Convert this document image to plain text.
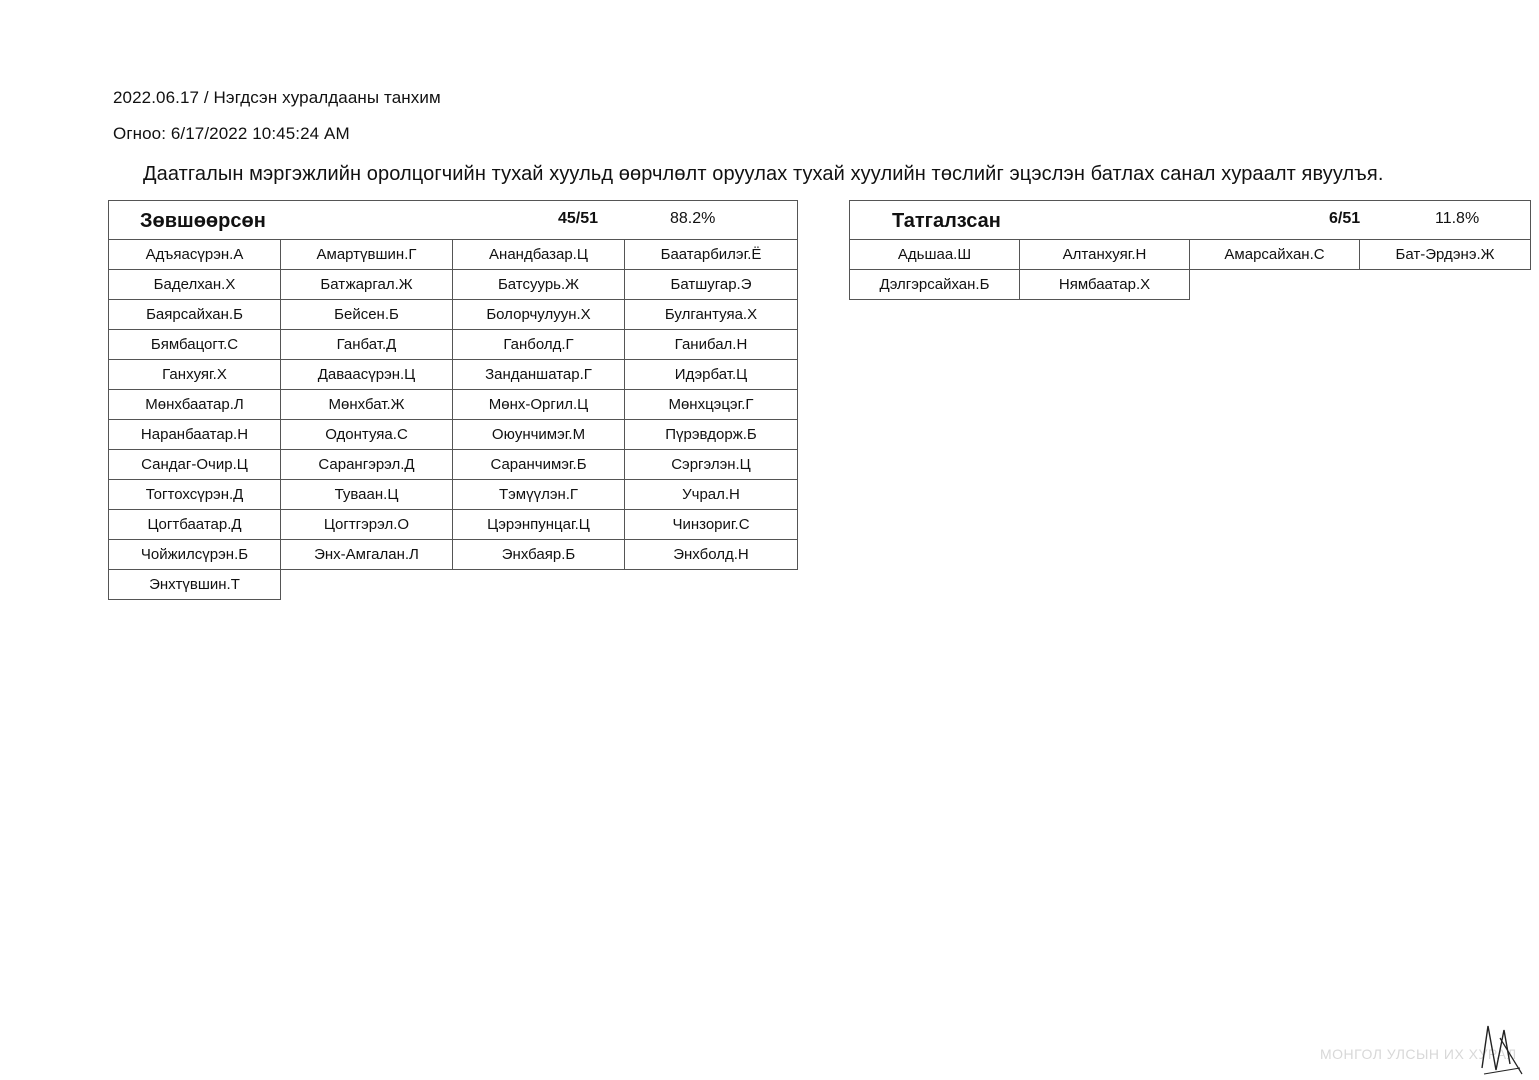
2022.06.17 / Нэгдсэн хуралдааны танхим
Огноо: 6/17/2022 10:45:24 AM
Даатгалын мэргэжлийн оролцогчийн тухай хуульд өөрчлөлт оруулах тухай хуулийн төслийг эцэслэн батлах санал хураалт явуулъя.
Зөвшөөрсөн 45/51 88.2%			

Адъяасүрэн.А	Амартүвшин.Г	Анандбазар.Ц	Баатарбилэг.Ё
Баделхан.Х	Батжаргал.Ж	Батсуурь.Ж	Батшугар.Э
Баярсайхан.Б	Бейсен.Б	Болорчулуун.Х	Булгантуяа.Х
Бямбацогт.С	Ганбат.Д	Ганболд.Г	Ганибал.Н
Ганхуяг.Х	Даваасүрэн.Ц	Занданшатар.Г	Идэрбат.Ц
Мөнхбаатар.Л	Мөнхбат.Ж	Мөнх-Оргил.Ц	Мөнхцэцэг.Г
Наранбаатар.Н	Одонтуяа.С	Оюунчимэг.М	Пүрэвдорж.Б
Сандаг-Очир.Ц	Сарангэрэл.Д	Саранчимэг.Б	Сэргэлэн.Ц
Тогтохсүрэн.Д	Туваан.Ц	Тэмүүлэн.Г	Учрал.Н
Цогтбаатар.Д	Цогтгэрэл.О	Цэрэнпунцаг.Ц	Чинзориг.С
Чойжилсүрэн.Б	Энх-Амгалан.Л	Энхбаяр.Б	Энхболд.Н
Энхтүвшин.Т			
Татгалзсан 6/51 11.8%			

Адьшаа.Ш	Алтанхуяг.Н	Амарсайхан.С	Бат-Эрдэнэ.Ж
Дэлгэрсайхан.Б	Нямбаатар.Х		
МОНГОЛ УЛСЫН ИХ ХУРАЛ
